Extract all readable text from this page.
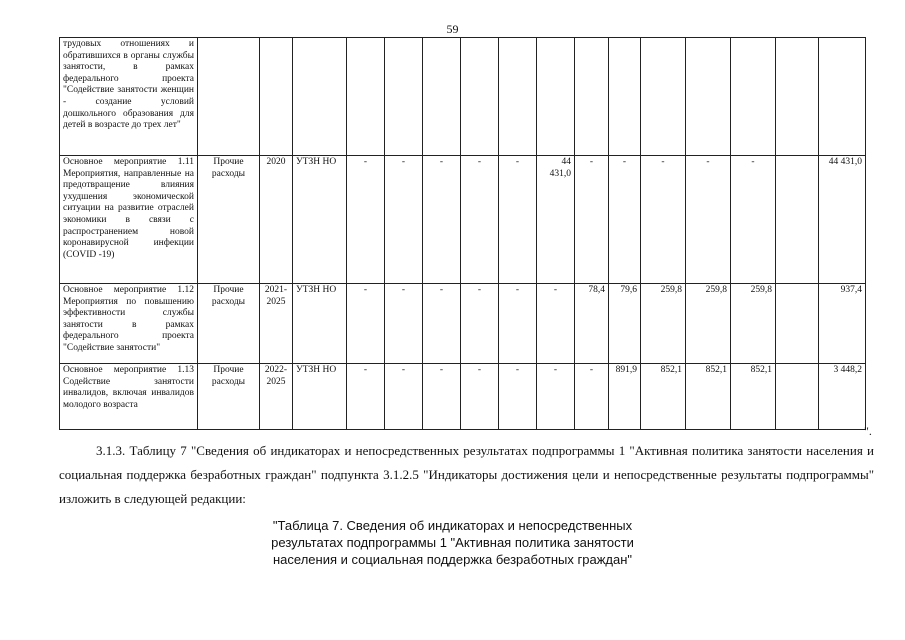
59
трудовых отношениях и обратившихся в органы службы занятости, в рамках федерального проекта "Содействие занятости женщин - создание условий дошкольного образования для детей в возрасте до трех лет"																
Основное мероприятие 1.11 Мероприятия, направленные на предотвращение влияния ухудшения экономической ситуации на развитие отраслей экономики в связи с распространением новой коронавирусной инфекции (COVID -19)	Прочие расходы	2020	УТЗН НО	-	-	-	-	-	44 431,0	-	-	-	-	-		44 431,0
Основное мероприятие 1.12 Мероприятия по повышению эффективности службы занятости в рамках федерального проекта "Содействие занятости"	Прочие расходы	2021-2025	УТЗН НО	-	-	-	-	-	-	78,4	79,6	259,8	259,8	259,8		937,4
Основное мероприятие 1.13 Содействие занятости инвалидов, включая инвалидов молодого возраста	Прочие расходы	2022-2025	УТЗН НО	-	-	-	-	-	-	-	891,9	852,1	852,1	852,1		3 448,2
".
3.1.3. Таблицу 7 "Сведения об индикаторах и непосредственных результатах подпрограммы 1 "Активная политика занятости населения и социальная поддержка безработных граждан" подпункта 3.1.2.5 "Индикаторы достижения цели и непосредственные результаты подпрограммы" изложить в следующей редакции:
"Таблица 7. Сведения об индикаторах и непосредственных
результатах подпрограммы 1 "Активная политика занятости
населения и социальная поддержка безработных граждан"
